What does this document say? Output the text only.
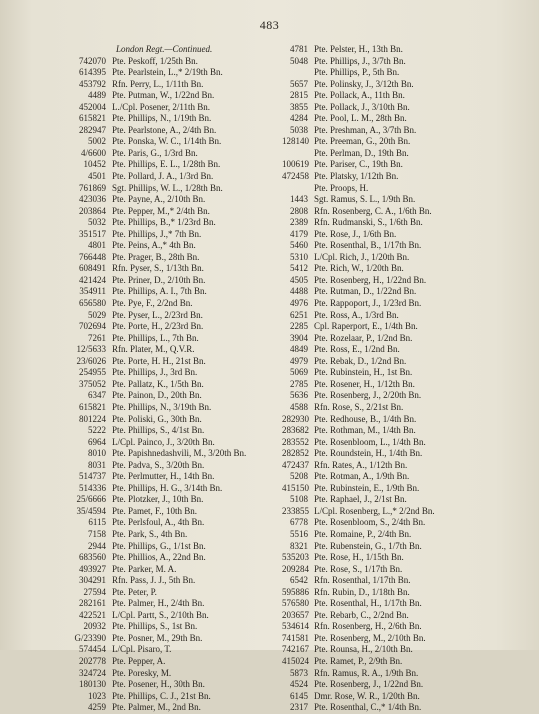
483
London Regt.—Continued.
742070 Pte. Peskoff, 1/25th Bn.
614395 Pte. Pearlstein, L.,* 2/19th Bn.
453792 Rfn. Perry, L., 1/11th Bn.
4489 Pte. Putman, W., 1/22nd Bn.
452004 L./Cpl. Posener, 2/11th Bn.
615821 Pte. Phillips, N., 1/19th Bn.
282947 Pte. Pearlstone, A., 2/4th Bn.
5002 Pte. Ponska, W. C., 1/14th Bn.
4/6600 Pte. Paris, G., 1/3rd Bn.
10452 Pte. Phillips, E. L., 1/28th Bn.
4501 Pte. Pollard, J. A., 1/3rd Bn.
761869 Sgt. Phillips, W. L., 1/28th Bn.
423036 Pte. Payne, A., 2/10th Bn.
203864 Pte. Pepper, M.,* 2/4th Bn.
5032 Pte. Phillips, B.,* 1/23rd Bn.
351517 Pte. Phillips, J.,* 7th Bn.
4801 Pte. Peins, A.,* 4th Bn.
766448 Pte. Prager, B., 28th Bn.
608491 Rfn. Pyser, S., 1/13th Bn.
421424 Pte. Priner, D., 2/10th Bn.
354911 Pte. Phillips, A. I., 7th Bn.
656580 Pte. Pye, F., 2/2nd Bn.
5029 Pte. Pyser, L., 2/23rd Bn.
702694 Pte. Porte, H., 2/23rd Bn.
7261 Pte. Phillips, L., 7th Bn.
12/5633 Rfn. Plater, M., Q.V.R.
23/6026 Pte. Porte, H. H., 21st Bn.
254955 Pte. Phillips, J., 3rd Bn.
375052 Pte. Pallatz, K., 1/5th Bn.
6347 Pte. Painon, D., 20th Bn.
615821 Pte. Phillips, N., 3/19th Bn.
801224 Pte. Poliski, G., 30th Bn.
5222 Pte. Phillips, S., 4/1st Bn.
6964 L/Cpl. Painco, J., 3/20th Bn.
8010 Pte. Papishnedashvili, M., 3/20th Bn.
8031 Pte. Padva, S., 3/20th Bn.
514737 Pte. Perlmutter, H., 14th Bn.
514336 Pte. Phillips, H. G., 3/14th Bn.
25/6666 Pte. Plotzker, J., 10th Bn.
35/4594 Pte. Pamet, F., 10th Bn.
6115 Pte. Perlsfoul, A., 4th Bn.
7158 Pte. Park, S., 4th Bn.
2944 Pte. Phillips, G., 1/1st Bn.
683560 Pte. Phillios, A., 22nd Bn.
493927 Pte. Parker, M. A.
304291 Rfn. Pass, J. J., 5th Bn.
27594 Pte. Peter, P.
282161 Pte. Palmer, H., 2/4th Bn.
422521 L/Cpl. Partt, S., 2/10th Bn.
20932 Pte. Phillips, S., 1st Bn.
G/23390 Pte. Posner, M., 29th Bn.
574454 L/Cpl. Pisaro, T.
202778 Pte. Pepper, A.
324724 Pte. Poresky, M.
180130 Pte. Posener, H., 30th Bn.
1023 Pte. Phillips, C. J., 21st Bn.
4259 Pte. Palmer, M., 2nd Bn.
4781 Pte. Pelster, H., 13th Bn.
5048 Pte. Phillips, J., 3/7th Bn.
Pte. Phillips, P., 5th Bn.
5657 Pte. Polinsky, J., 3/12th Bn.
2815 Pte. Pollack, A., 11th Bn.
3855 Pte. Pollack, J., 3/10th Bn.
4284 Pte. Pool, L. M., 28th Bn.
5038 Pte. Preshman, A., 3/7th Bn.
128140 Pte. Preeman, G., 20th Bn.
Pte. Perlman, D., 19th Bn.
100619 Pte. Pariser, C., 19th Bn.
472458 Pte. Platsky, 1/12th Bn.
Pte. Proops, H.
1443 Sgt. Ramus, S. L., 1/9th Bn.
2808 Rfn. Rosenberg, C. A., 1/6th Bn.
2389 Rfn. Rudmanski, S., 1/6th Bn.
4179 Pte. Rose, J., 1/6th Bn.
5460 Pte. Rosenthal, B., 1/17th Bn.
5310 L/Cpl. Rich, J., 1/20th Bn.
5412 Pte. Rich, W., 1/20th Bn.
4505 Pte. Rosenberg, H., 1/22nd Bn.
4488 Pte. Rutman, D., 1/22nd Bn.
4976 Pte. Rappoport, J., 1/23rd Bn.
6251 Pte. Ross, A., 1/3rd Bn.
2285 Cpl. Raperport, E., 1/4th Bn.
3904 Pte. Rozelaar, P., 1/2nd Bn.
4849 Pte. Ross, E., 1/2nd Bn.
4979 Pte. Rebak, D., 1/2nd Bn.
5069 Pte. Rubinstein, H., 1st Bn.
2785 Pte. Rosener, H., 1/12th Bn.
5636 Pte. Rosenberg, J., 2/20th Bn.
4588 Rfn. Rose, S., 2/21st Bn.
282930 Pte. Redhouse, B., 1/4th Bn.
283682 Pte. Rothman, M., 1/4th Bn.
283552 Pte. Rosenbloom, L., 1/4th Bn.
282852 Pte. Roundstein, H., 1/4th Bn.
472437 Rfn. Rates, A., 1/12th Bn.
5208 Pte. Rotman, A., 1/9th Bn.
415150 Pte. Rubinstein, E., 1/9th Bn.
5108 Pte. Raphael, J., 2/1st Bn.
233855 L/Cpl. Rosenberg, L.,* 2/2nd Bn.
6778 Pte. Rosenbloom, S., 2/4th Bn.
5516 Pte. Romaine, P., 2/4th Bn.
8321 Pte. Rubenstein, G., 1/7th Bn.
535203 Pte. Rose, H., 1/15th Bn.
209284 Pte. Rose, S., 1/17th Bn.
6542 Rfn. Rosenthal, 1/17th Bn.
595886 Rfn. Rubin, D., 1/18th Bn.
576580 Pte. Rosenthal, H., 1/17th Bn.
203657 Pte. Rebarb, C., 2/2nd Bn.
534614 Rfn. Rosenberg, H., 2/6th Bn.
741581 Pte. Rosenberg, M., 2/10th Bn.
742167 Pte. Rounsa, H., 2/10th Bn.
415024 Pte. Ramet, P., 2/9th Bn.
5873 Rfn. Ramus, R. A., 1/9th Bn.
4524 Pte. Rosenberg, J., 1/22nd Bn.
6145 Dmr. Rose, W. R., 1/20th Bn.
2317 Pte. Rosenthal, C.,* 1/4th Bn.
